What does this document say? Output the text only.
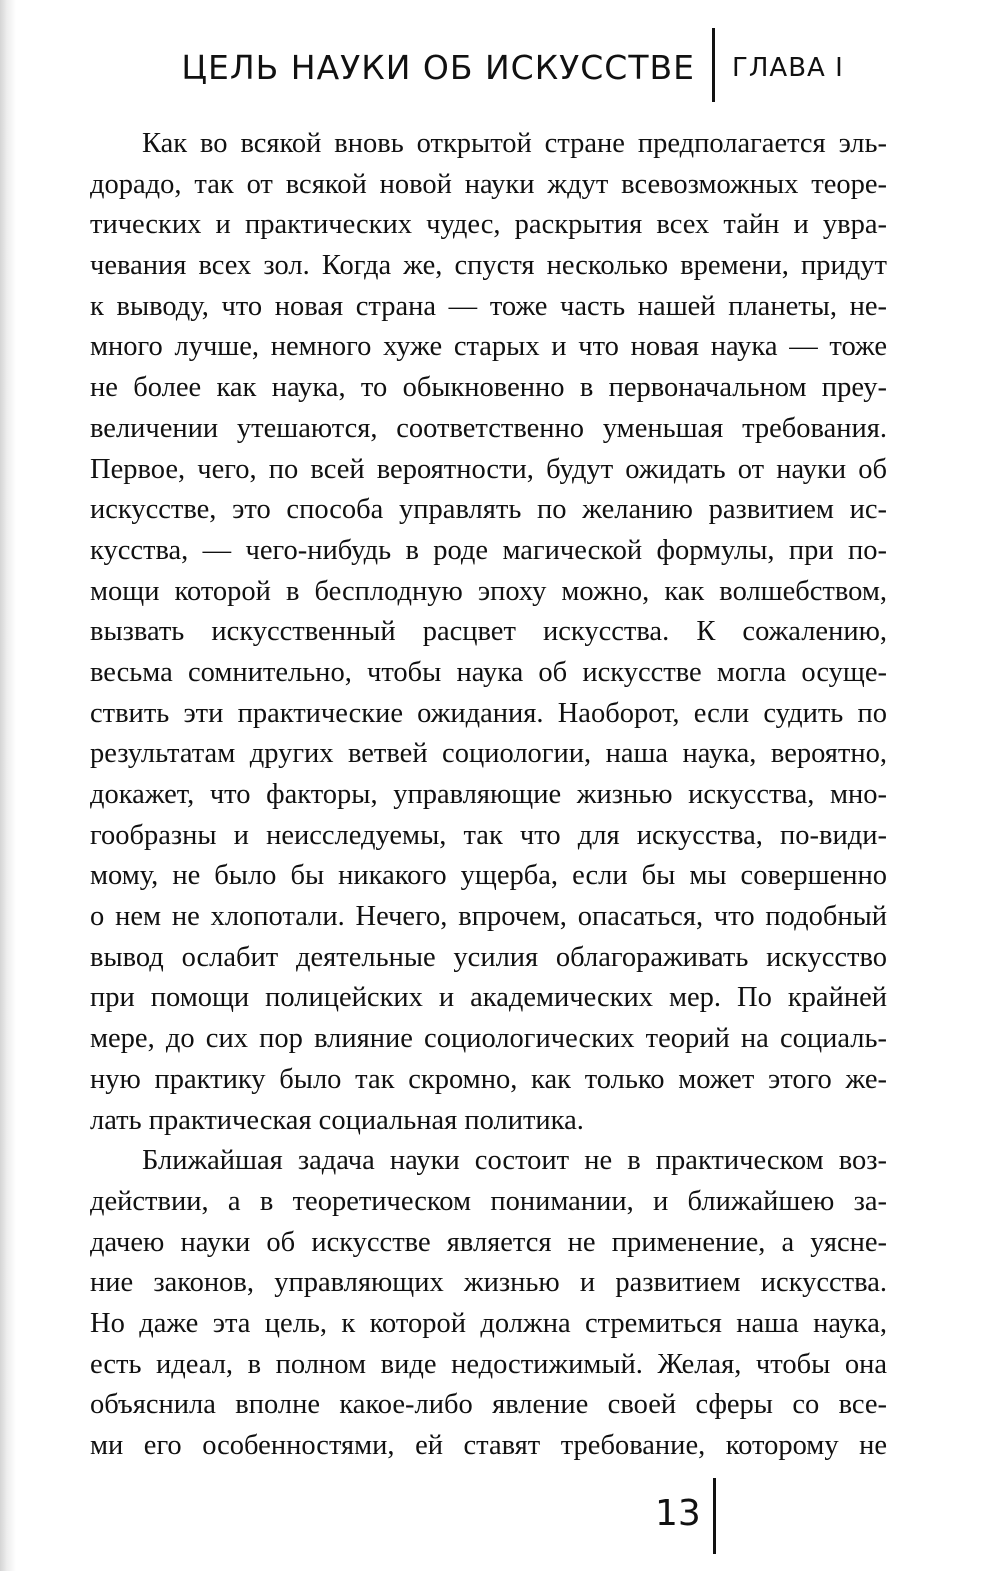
ЦЕЛЬ НАУКИ ОБ ИСКУССТВЕ ГЛАВА I
Как во всякой вновь открытой стране предполагается эль-
дорадо, так от всякой новой науки ждут всевозможных теоре-
тических и практических чудес, раскрытия всех тайн и увра-
чевания всех зол. Когда же, спустя несколько времени, придут
к выводу, что новая страна — тоже часть нашей планеты, не-
много лучше, немного хуже старых и что новая наука — тоже
не более как наука, то обыкновенно в первоначальном преу-
величении утешаются, соответственно уменьшая требования.
Первое, чего, по всей вероятности, будут ожидать от науки об
искусстве, это способа управлять по желанию развитием ис-
кусства, — чего-нибудь в роде магической формулы, при по-
мощи которой в бесплодную эпоху можно, как волшебством,
вызвать искусственный расцвет искусства. К сожалению,
весьма сомнительно, чтобы наука об искусстве могла осуще-
ствить эти практические ожидания. Наоборот, если судить по
результатам других ветвей социологии, наша наука, вероятно,
докажет, что факторы, управляющие жизнью искусства, мно-
гообразны и неисследуемы, так что для искусства, по-види-
мому, не было бы никакого ущерба, если бы мы совершенно
о нем не хлопотали. Нечего, впрочем, опасаться, что подобный
вывод ослабит деятельные усилия облагораживать искусство
при помощи полицейских и академических мер. По крайней
мере, до сих пор влияние социологических теорий на социаль-
ную практику было так скромно, как только может этого же-
лать практическая социальная политика.
Ближайшая задача науки состоит не в практическом воз-
действии, а в теоретическом понимании, и ближайшею за-
дачею науки об искусстве является не применение, а уясне-
ние законов, управляющих жизнью и развитием искусства.
Но даже эта цель, к которой должна стремиться наша наука,
есть идеал, в полном виде недостижимый. Желая, чтобы она
объяснила вполне какое-либо явление своей сферы со все-
ми его особенностями, ей ставят требование, которому не
13
